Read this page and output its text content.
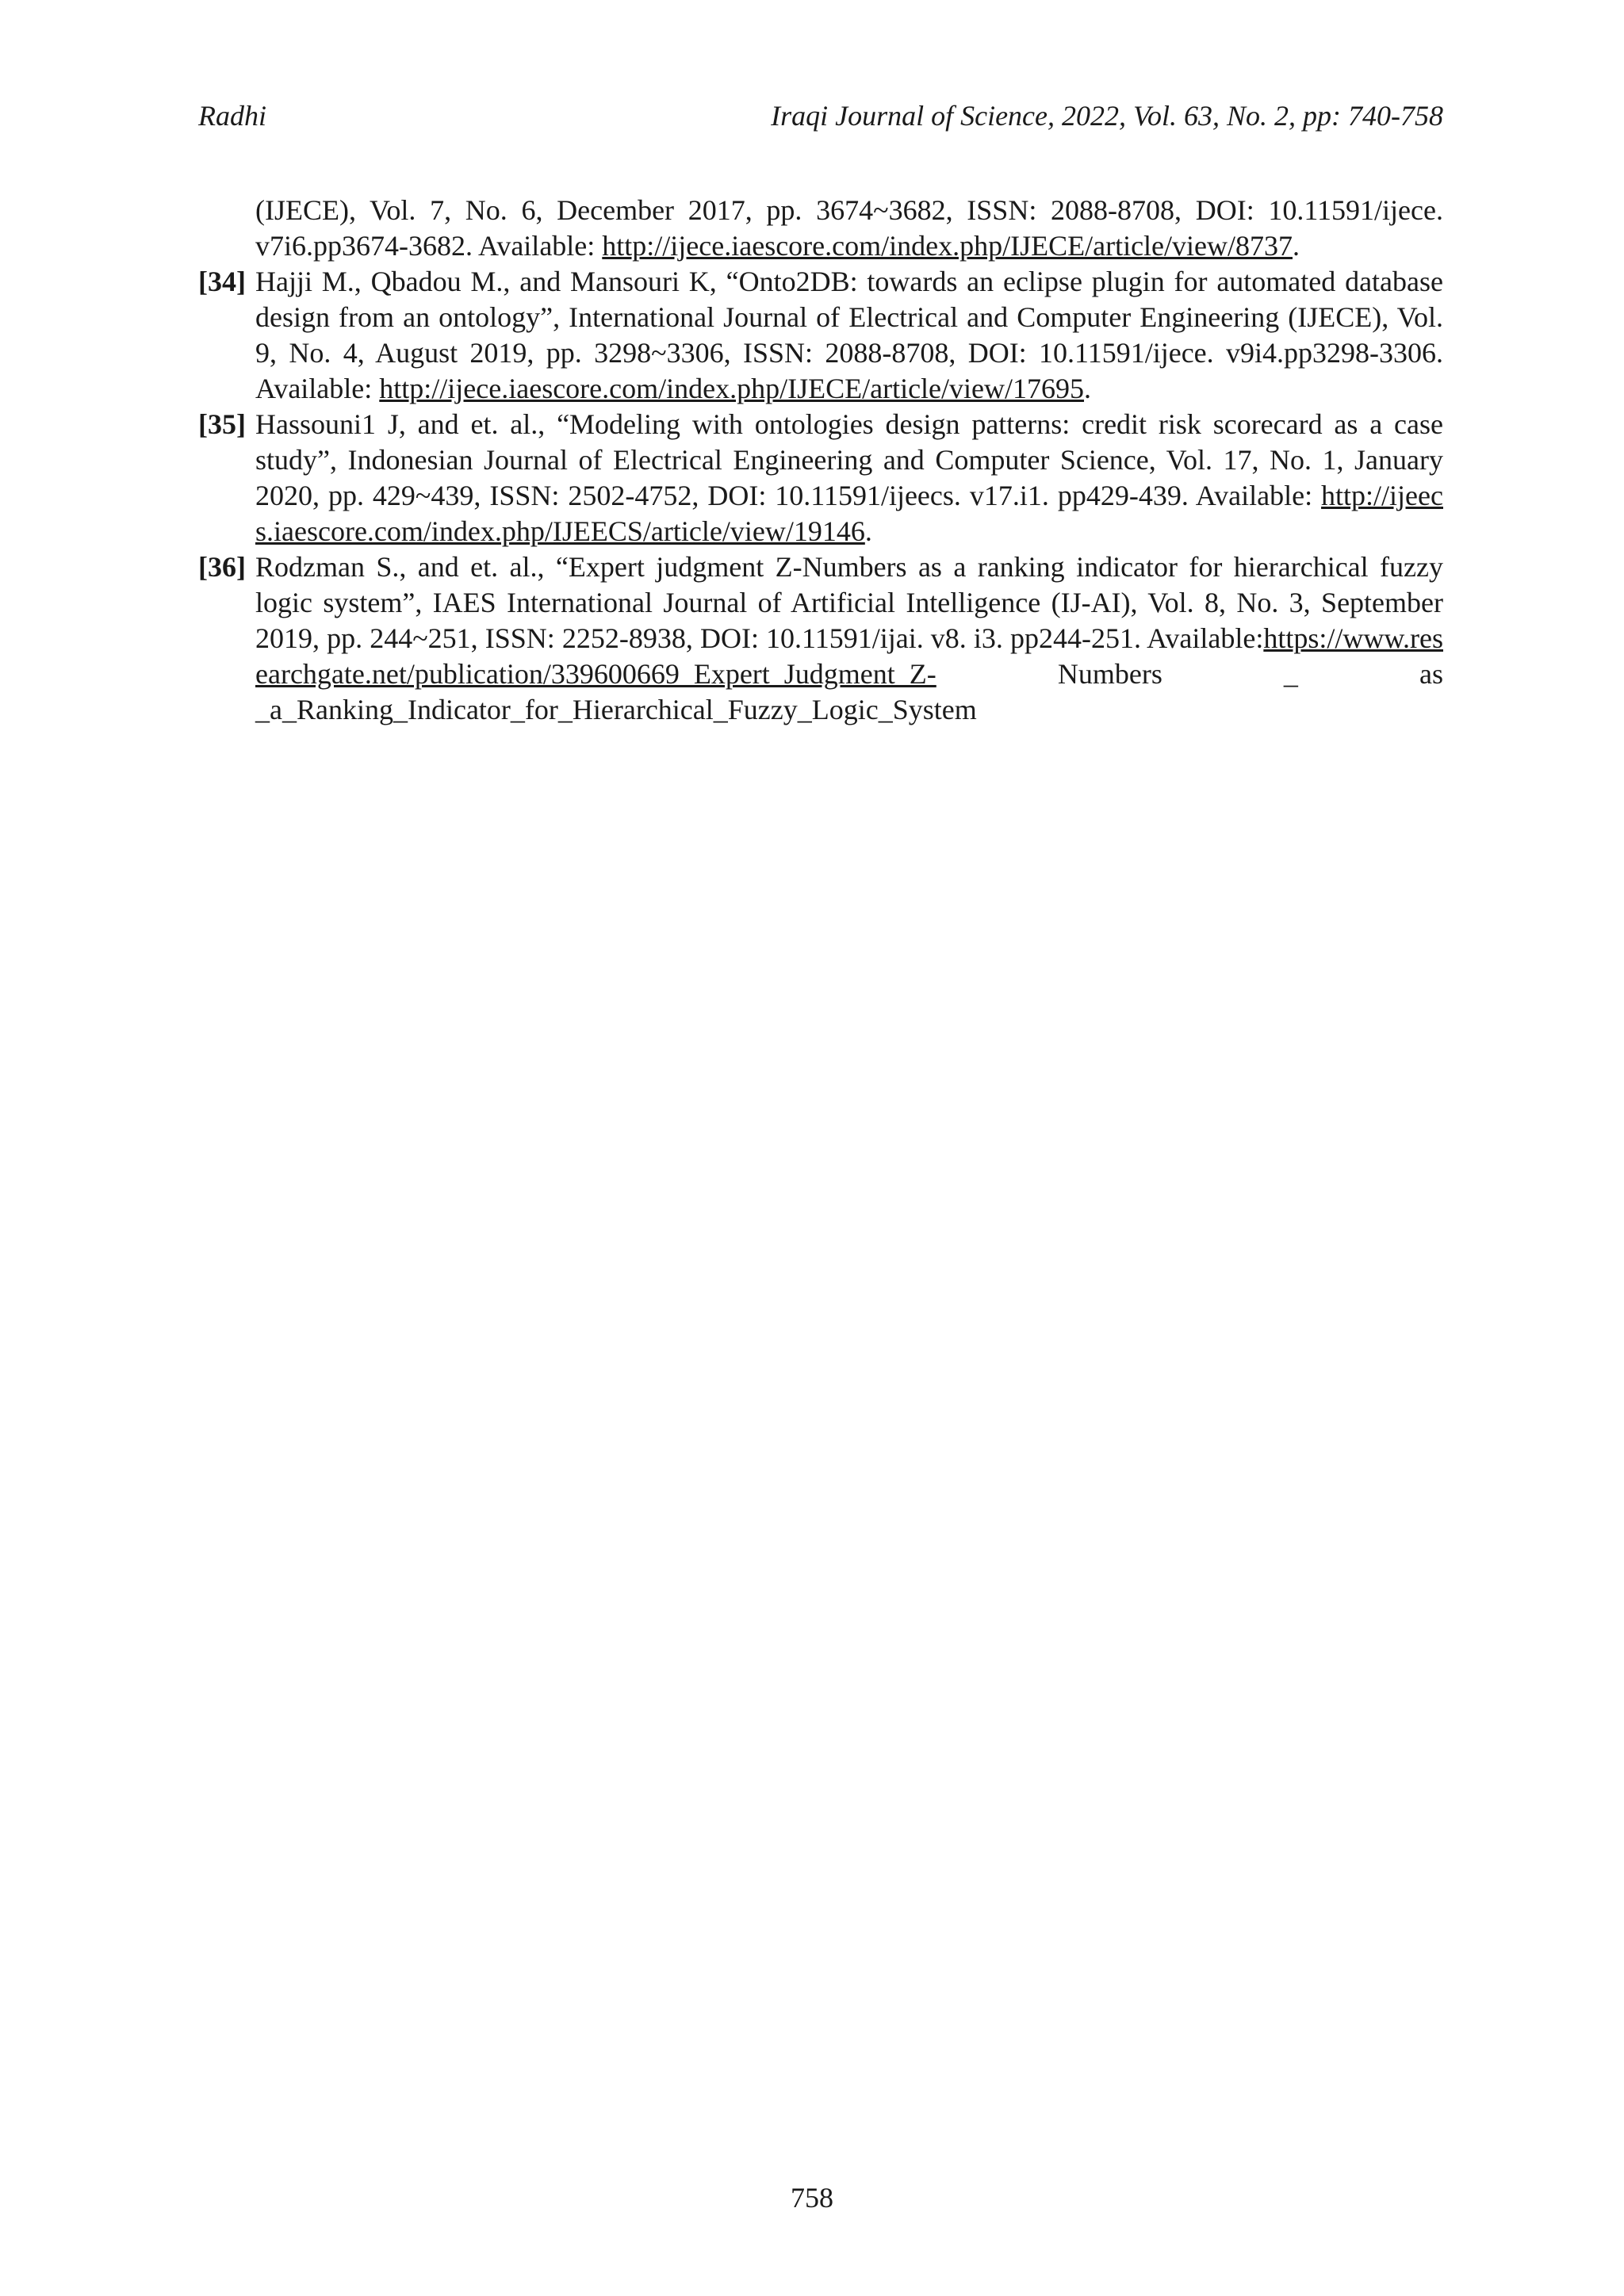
Radhi	Iraqi Journal of Science, 2022, Vol. 63, No. 2, pp: 740-758

(IJECE), Vol. 7, No. 6, December 2017, pp. 3674~3682, ISSN: 2088-8708, DOI: 10.11591/ijece. v7i6.pp3674-3682. Available: http://ijece.iaescore.com/index.php/IJECE/article/view/8737.

[34] Hajji M., Qbadou M., and Mansouri K, “Onto2DB: towards an eclipse plugin for automated database design from an ontology”, International Journal of Electrical and Computer Engineering (IJECE), Vol. 9, No. 4, August 2019, pp. 3298~3306, ISSN: 2088-8708, DOI: 10.11591/ijece. v9i4.pp3298-3306. Available: http://ijece.iaescore.com/index.php/IJECE/article/view/17695.

[35] Hassouni1 J, and et. al., “Modeling with ontologies design patterns: credit risk scorecard as a case study”, Indonesian Journal of Electrical Engineering and Computer Science, Vol. 17, No. 1, January 2020, pp. 429~439, ISSN: 2502-4752, DOI: 10.11591/ijeecs. v17.i1. pp429-439. Available: http://ijeecs.iaescore.com/index.php/IJEECS/article/view/19146.

[36] Rodzman S., and et. al., “Expert judgment Z-Numbers as a ranking indicator for hierarchical fuzzy logic system”, IAES International Journal of Artificial Intelligence (IJ-AI), Vol. 8, No. 3, September 2019, pp. 244~251, ISSN: 2252-8938, DOI: 10.11591/ijai. v8. i3. pp244-251. Available:https://www.researchgate.net/publication/339600669_Expert_Judgment_Z- Numbers _ as _a_Ranking_Indicator_for_Hierarchical_Fuzzy_Logic_System

758
